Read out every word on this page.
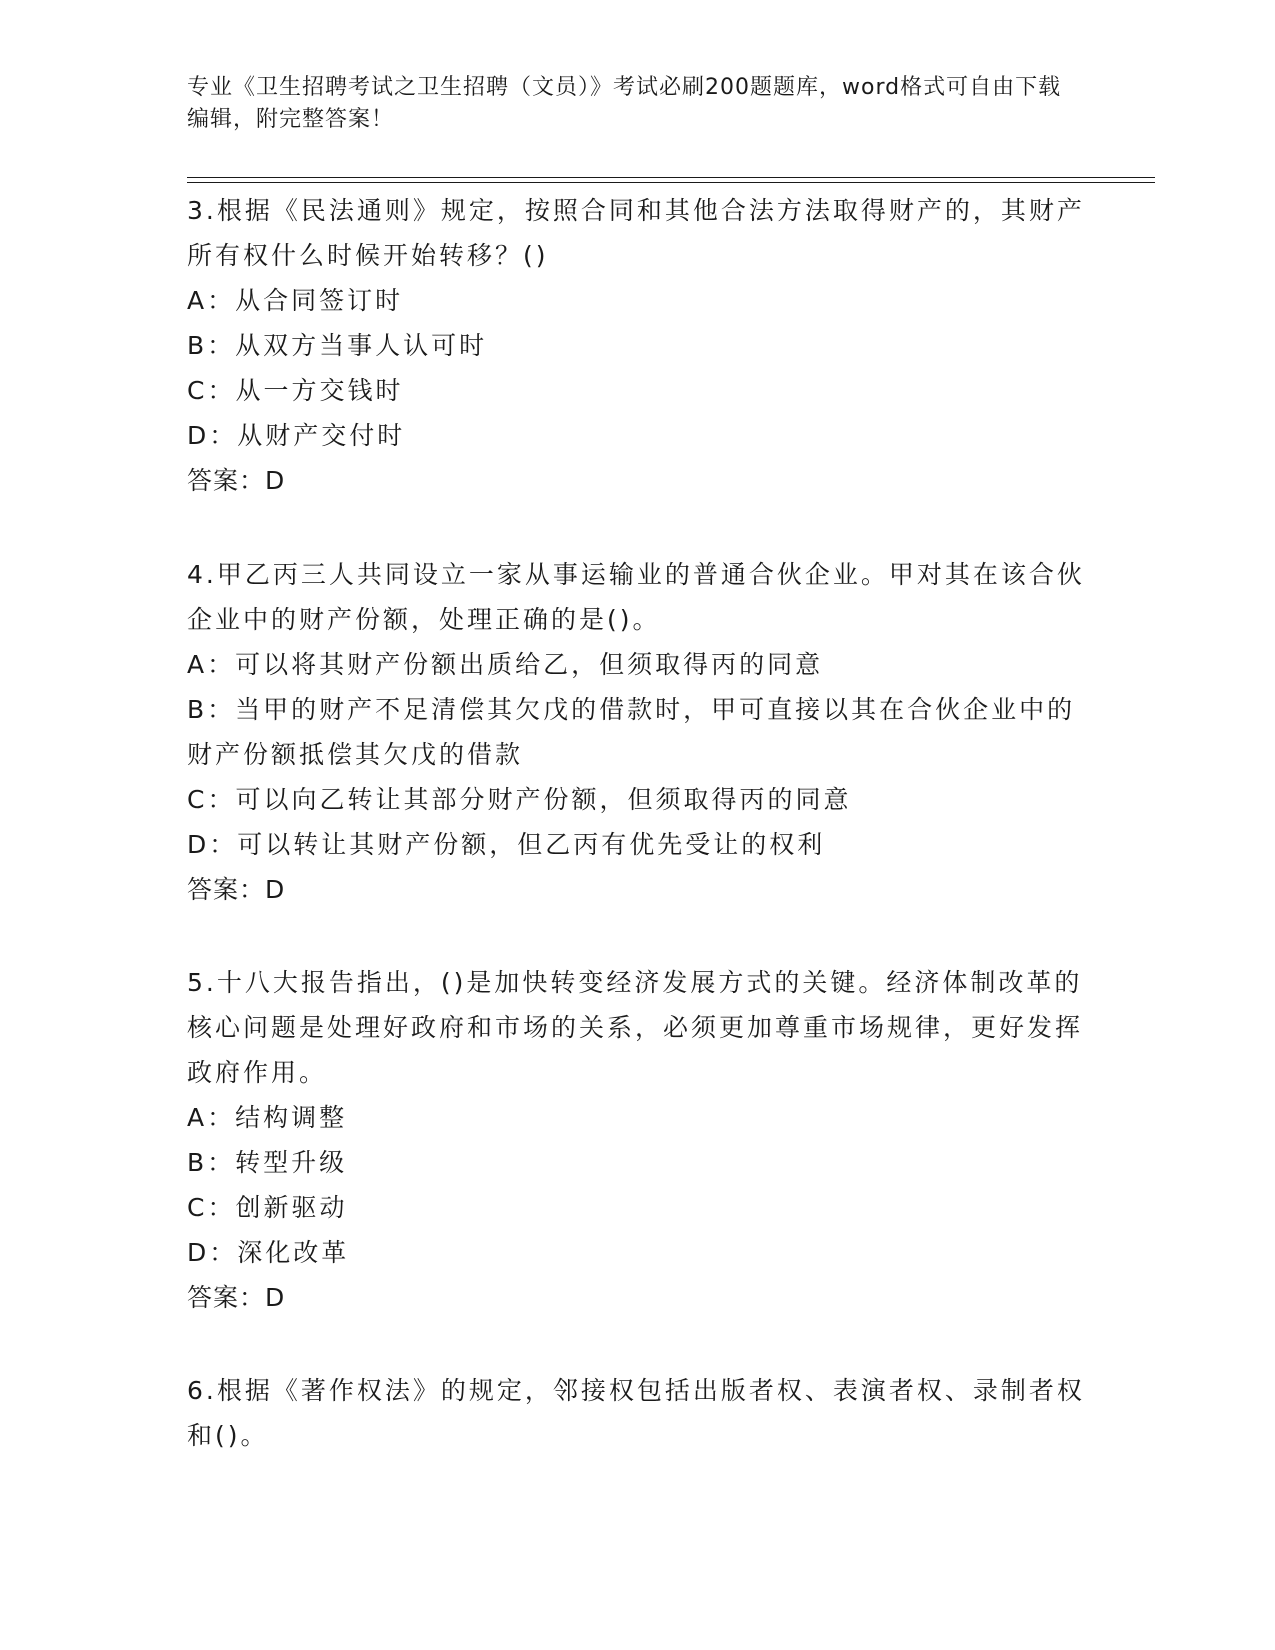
专业《卫生招聘考试之卫生招聘（文员）》考试必刷200题题库，word格式可自由下载编辑，附完整答案！

3.根据《民法通则》规定，按照合同和其他合法方法取得财产的，其财产所有权什么时候开始转移？()

A：从合同签订时

B：从双方当事人认可时

C：从一方交钱时

D：从财产交付时

答案：D

4.甲乙丙三人共同设立一家从事运输业的普通合伙企业。甲对其在该合伙企业中的财产份额，处理正确的是()。

A：可以将其财产份额出质给乙，但须取得丙的同意

B：当甲的财产不足清偿其欠戊的借款时，甲可直接以其在合伙企业中的财产份额抵偿其欠戊的借款

C：可以向乙转让其部分财产份额，但须取得丙的同意

D：可以转让其财产份额，但乙丙有优先受让的权利

答案：D

5.十八大报告指出，()是加快转变经济发展方式的关键。经济体制改革的核心问题是处理好政府和市场的关系，必须更加尊重市场规律，更好发挥政府作用。

A：结构调整

B：转型升级

C：创新驱动

D：深化改革

答案：D

6.根据《著作权法》的规定，邻接权包括出版者权、表演者权、录制者权和()。
